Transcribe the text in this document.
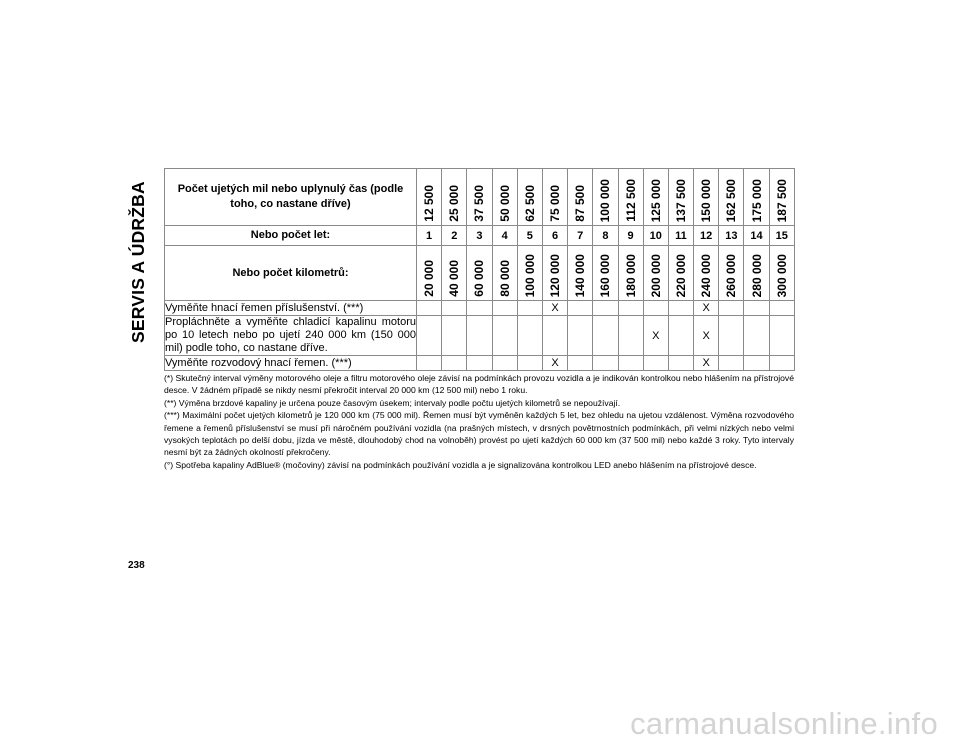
SERVIS A ÚDRŽBA	Počet ujetých mil nebo uplynulý čas (podle toho, co nastane dříve)	12 500	25 000	37 500	50 000	62 500	75 000	87 500	100 000	112 500	125 000	137 500	150 000	162 500	175 000	187 500

Nebo počet let:	1	2	3	4	5	6	7	8	9	10	11	12	13	14	15
Nebo počet kilometrů:	20 000	40 000	60 000	80 000	100 000	120 000	140 000	160 000	180 000	200 000	220 000	240 000	260 000	280 000	300 000

Vyměňte hnací řemen příslušenství. (***)						X						X			
Propláchněte a vyměňte chladicí kapalinu motoru po 10 letech nebo po ujetí 240 000 km (150 000 mil) podle toho, co nastane dříve.										X		X			
Vyměňte rozvodový hnací řemen. (***)						X						X			

(*) Skutečný interval výměny motorového oleje a filtru motorového oleje závisí na podmínkách provozu vozidla a je indikován kontrolkou nebo hlášením na přístrojové desce. V žádném případě se nikdy nesmí překročit interval 20 000 km (12 500 mil) nebo 1 roku.

(**) Výměna brzdové kapaliny je určena pouze časovým úsekem; intervaly podle počtu ujetých kilometrů se nepoužívají.

(***) Maximální počet ujetých kilometrů je 120 000 km (75 000 mil). Řemen musí být vyměněn každých 5 let, bez ohledu na ujetou vzdálenost. Výměna rozvodového řemene a řemenů příslušenství se musí při náročném používání vozidla (na prašných místech, v drsných povětrnostních podmínkách, při velmi nízkých nebo velmi vysokých teplotách po delší dobu, jízda ve městě, dlouhodobý chod na volnoběh) provést po ujetí každých 60 000 km (37 500 mil) nebo každé 3 roky. Tyto intervaly nesmí být za žádných okolností překročeny.

(°) Spotřeba kapaliny AdBlue® (močoviny) závisí na podmínkách používání vozidla a je signalizována kontrolkou LED anebo hlášením na přístrojové desce.

238
carmanualsonline.info
